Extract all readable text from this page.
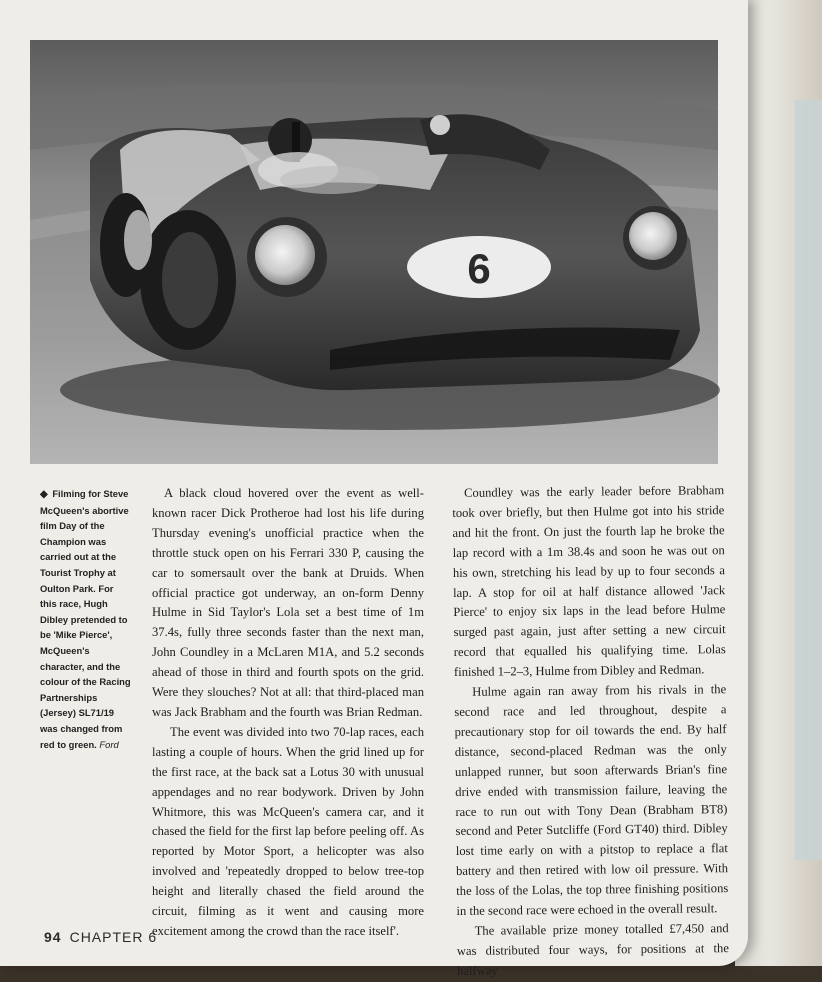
6
◆ Filming for Steve McQueen's abortive film Day of the Champion was carried out at the Tourist Trophy at Oulton Park. For this race, Hugh Dibley pretended to be 'Mike Pierce', McQueen's character, and the colour of the Racing Partnerships (Jersey) SL71/19 was changed from red to green. Ford

A black cloud hovered over the event as well-known racer Dick Protheroe had lost his life during Thursday evening's unofficial practice when the throttle stuck open on his Ferrari 330 P, causing the car to somersault over the bank at Druids. When official practice got underway, an on-form Denny Hulme in Sid Taylor's Lola set a best time of 1m 37.4s, fully three seconds faster than the next man, John Coundley in a McLaren M1A, and 5.2 seconds ahead of those in third and fourth spots on the grid. Were they slouches? Not at all: that third-placed man was Jack Brabham and the fourth was Brian Redman.

The event was divided into two 70-lap races, each lasting a couple of hours. When the grid lined up for the first race, at the back sat a Lotus 30 with unusual appendages and no rear bodywork. Driven by John Whitmore, this was McQueen's camera car, and it chased the field for the first lap before peeling off. As reported by Motor Sport, a helicopter was also involved and 'repeatedly dropped to below tree-top height and literally chased the field around the circuit, filming as it went and causing more excitement among the crowd than the race itself'.

Coundley was the early leader before Brabham took over briefly, but then Hulme got into his stride and hit the front. On just the fourth lap he broke the lap record with a 1m 38.4s and soon he was out on his own, stretching his lead by up to four seconds a lap. A stop for oil at half distance allowed 'Jack Pierce' to enjoy six laps in the lead before Hulme surged past again, just after setting a new circuit record that equalled his qualifying time. Lolas finished 1–2–3, Hulme from Dibley and Redman.

Hulme again ran away from his rivals in the second race and led throughout, despite a precautionary stop for oil towards the end. By half distance, second-placed Redman was the only unlapped runner, but soon afterwards Brian's fine drive ended with transmission failure, leaving the race to run out with Tony Dean (Brabham BT8) second and Peter Sutcliffe (Ford GT40) third. Dibley lost time early on with a pitstop to replace a flat battery and then retired with low oil pressure. With the loss of the Lolas, the top three finishing positions in the second race were echoed in the overall result.

The available prize money totalled £7,450 and was distributed four ways, for positions at the halfway

94 CHAPTER 6
